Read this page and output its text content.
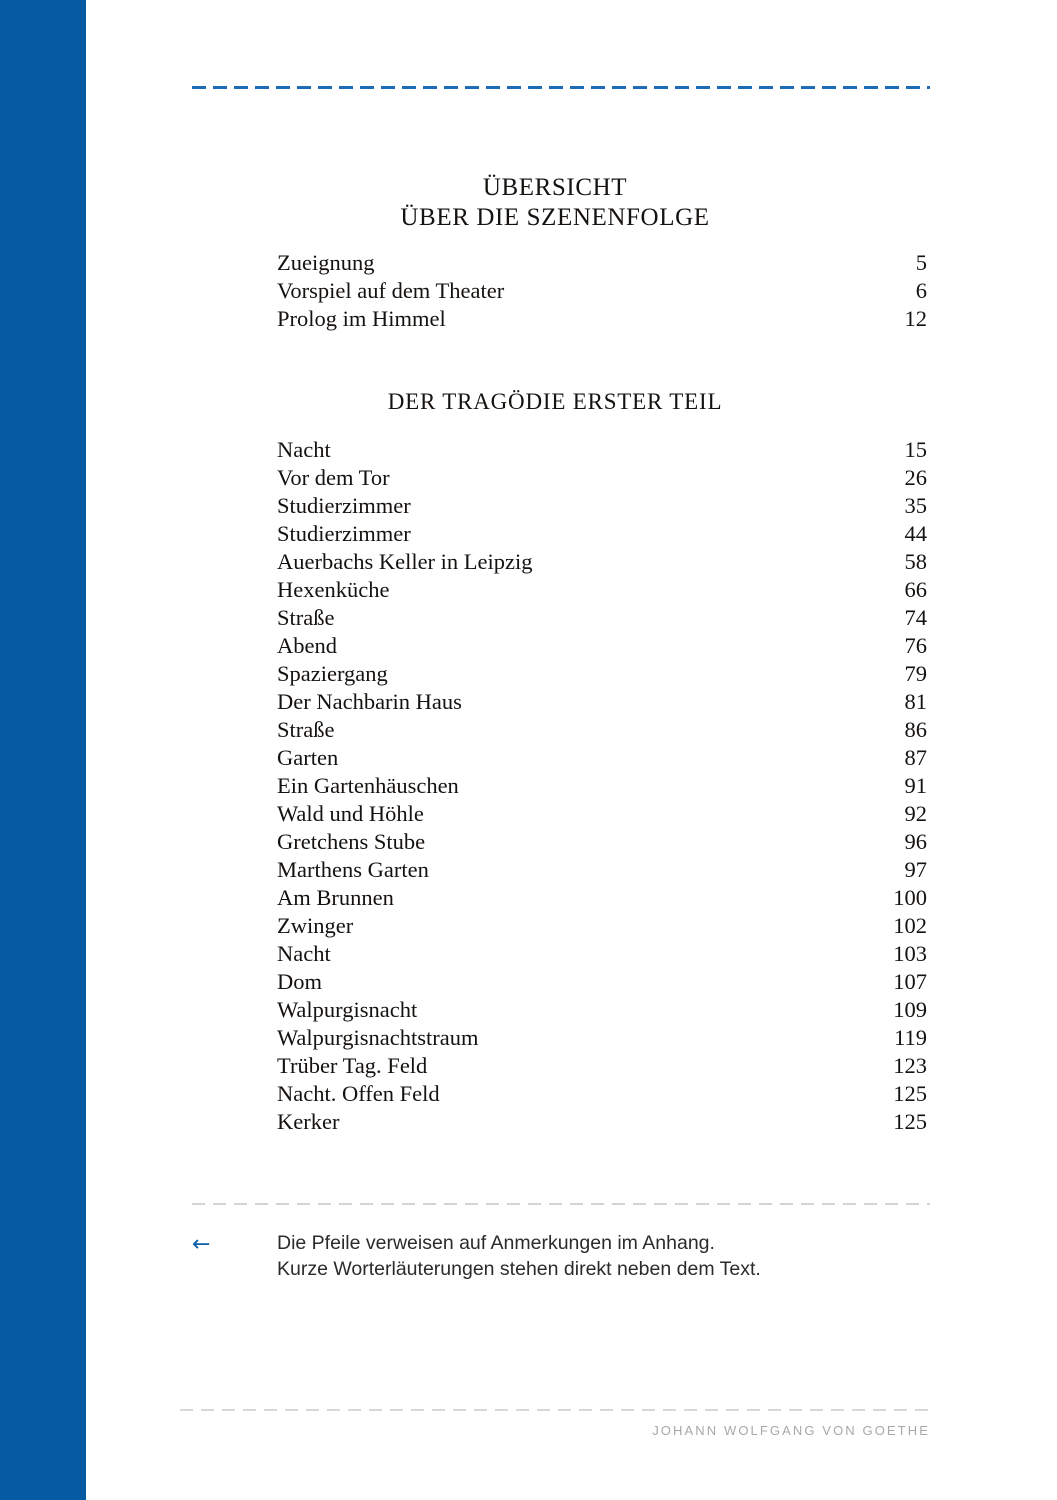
ÜBERSICHT
ÜBER DIE SZENENFOLGE
Zueignung	5
Vorspiel auf dem Theater	6
Prolog im Himmel	12
DER TRAGÖDIE ERSTER TEIL
Nacht	15
Vor dem Tor	26
Studierzimmer	35
Studierzimmer	44
Auerbachs Keller in Leipzig	58
Hexenküche	66
Straße	74
Abend	76
Spaziergang	79
Der Nachbarin Haus	81
Straße	86
Garten	87
Ein Gartenhäuschen	91
Wald und Höhle	92
Gretchens Stube	96
Marthens Garten	97
Am Brunnen	100
Zwinger	102
Nacht	103
Dom	107
Walpurgisnacht	109
Walpurgisnachtstraum	119
Trüber Tag. Feld	123
Nacht. Offen Feld	125
Kerker	125
←	Die Pfeile verweisen auf Anmerkungen im Anhang.
Kurze Worterläuterungen stehen direkt neben dem Text.
JOHANN WOLFGANG VON GOETHE
